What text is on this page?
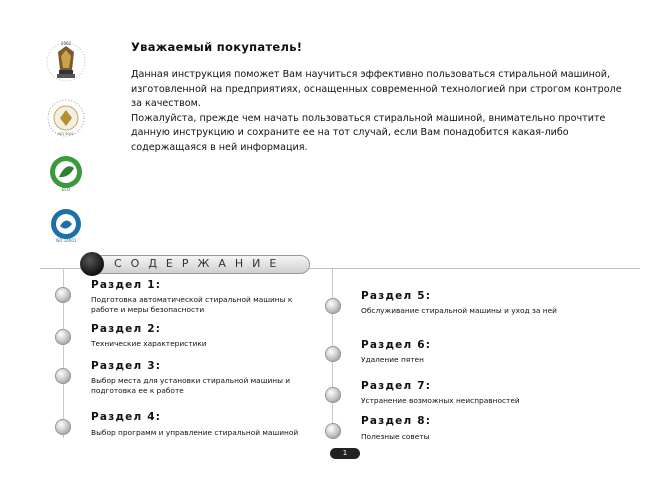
2002
ISO 9001
ECO
ISO 14001
Уважаемый покупатель!

Данная инструкция поможет Вам научиться эффективно пользоваться стиральной машиной, изготовленной на предприятиях, оснащенных современной технологией при строгом контроле за качеством.

Пожалуйста, прежде чем начать пользоваться стиральной машиной, внимательно прочтите данную инструкцию и сохраните ее на тот случай, если Вам понадобится какая-либо содержащаяся в ней информация.

СОДЕРЖАНИЕ
Раздел 1:
Подготовка автоматической стиральной машины к работе и меры безопасности
Раздел 2:
Технические характеристики
Раздел 3:
Выбор места для установки стиральной машины и подготовка ее к работе
Раздел 4:
Выбор программ и управление стиральной машиной
Раздел 5:
Обслуживание стиральной машины и уход за ней
Раздел 6:
Удаление пятен
Раздел 7:
Устранение возможных неисправностей
Раздел 8:
Полезные советы
1
